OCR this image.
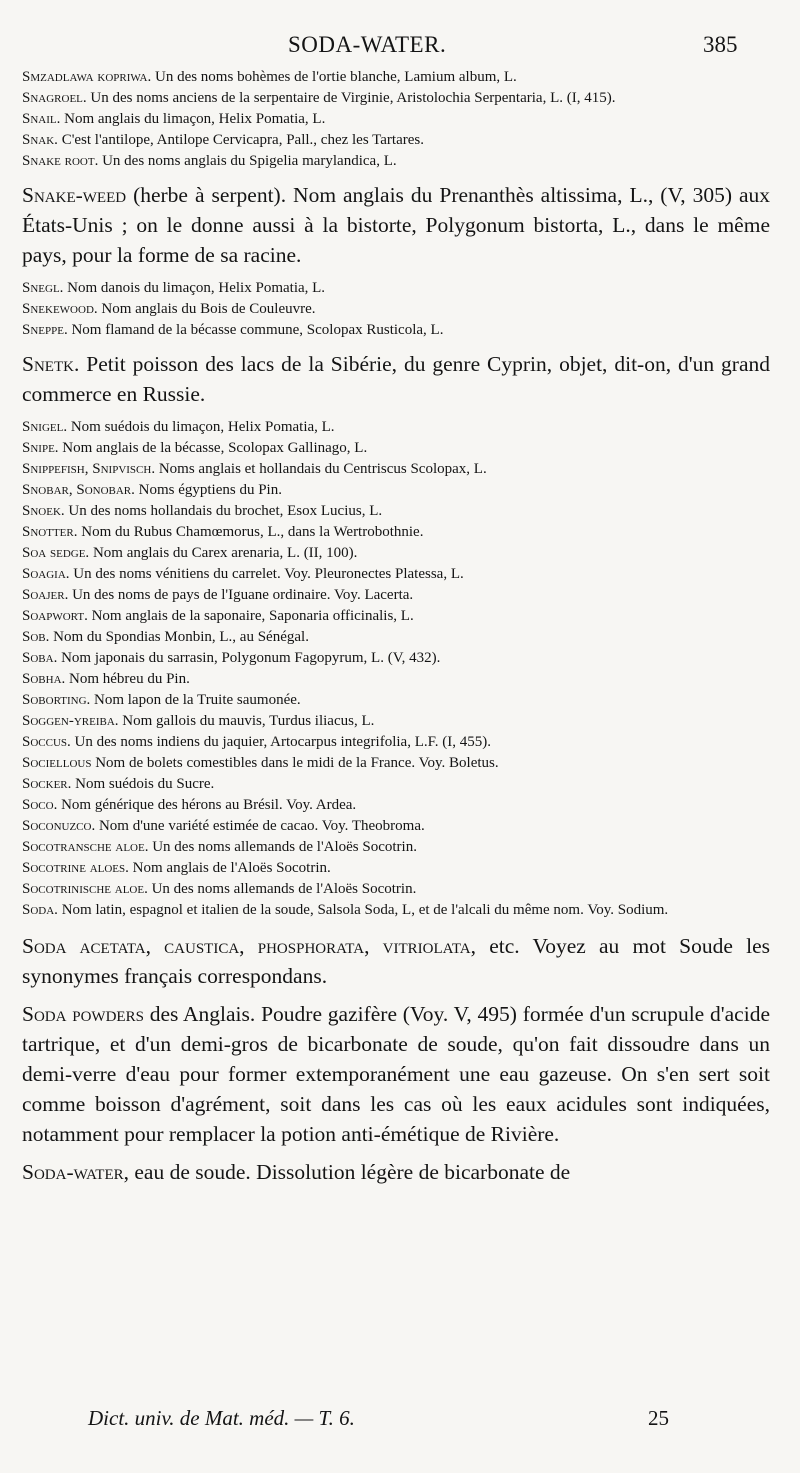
SODA-WATER.	385

Smzadlawa kopriwa. Un des noms bohèmes de l'ortie blanche, Lamium album, L.

Snagroel. Un des noms anciens de la serpentaire de Virginie, Aristolochia Serpentaria, L. (I, 415).

Snail. Nom anglais du limaçon, Helix Pomatia, L.

Snak. C'est l'antilope, Antilope Cervicapra, Pall., chez les Tartares.

Snake root. Un des noms anglais du Spigelia marylandica, L.

Snake-weed (herbe à serpent). Nom anglais du Prenanthès altissima, L., (V, 305) aux États-Unis ; on le donne aussi à la bistorte, Polygonum bistorta, L., dans le même pays, pour la forme de sa racine.

Snegl. Nom danois du limaçon, Helix Pomatia, L.

Snekewood. Nom anglais du Bois de Couleuvre.

Sneppe. Nom flamand de la bécasse commune, Scolopax Rusticola, L.

Snetk. Petit poisson des lacs de la Sibérie, du genre Cyprin, objet, dit-on, d'un grand commerce en Russie.

Snigel. Nom suédois du limaçon, Helix Pomatia, L.

Snipe. Nom anglais de la bécasse, Scolopax Gallinago, L.

Snippefish, Snipvisch. Noms anglais et hollandais du Centriscus Scolopax, L.

Snobar, Sonobar. Noms égyptiens du Pin.

Snoek. Un des noms hollandais du brochet, Esox Lucius, L.

Snotter. Nom du Rubus Chamœmorus, L., dans la Wertrobothnie.

Soa sedge. Nom anglais du Carex arenaria, L. (II, 100).

Soagia. Un des noms vénitiens du carrelet. Voy. Pleuronectes Platessa, L.

Soajer. Un des noms de pays de l'Iguane ordinaire. Voy. Lacerta.

Soapwort. Nom anglais de la saponaire, Saponaria officinalis, L.

Sob. Nom du Spondias Monbin, L., au Sénégal.

Soba. Nom japonais du sarrasin, Polygonum Fagopyrum, L. (V, 432).

Sobha. Nom hébreu du Pin.

Soborting. Nom lapon de la Truite saumonée.

Soggen-yreiba. Nom gallois du mauvis, Turdus iliacus, L.

Soccus. Un des noms indiens du jaquier, Artocarpus integrifolia, L.F. (I, 455).

Sociellous Nom de bolets comestibles dans le midi de la France. Voy. Boletus.

Socker. Nom suédois du Sucre.

Soco. Nom générique des hérons au Brésil. Voy. Ardea.

Soconuzco. Nom d'une variété estimée de cacao. Voy. Theobroma.

Socotransche aloe. Un des noms allemands de l'Aloës Socotrin.

Socotrine aloes. Nom anglais de l'Aloës Socotrin.

Socotrinische aloe. Un des noms allemands de l'Aloës Socotrin.

Soda. Nom latin, espagnol et italien de la soude, Salsola Soda, L, et de l'alcali du même nom. Voy. Sodium.

Soda acetata, caustica, phosphorata, vitriolata, etc. Voyez au mot Soude les synonymes français correspondans.

Soda powders des Anglais. Poudre gazifère (Voy. V, 495) formée d'un scrupule d'acide tartrique, et d'un demi-gros de bicarbonate de soude, qu'on fait dissoudre dans un demi-verre d'eau pour former extemporanément une eau gazeuse. On s'en sert soit comme boisson d'agrément, soit dans les cas où les eaux acidules sont indiquées, notamment pour remplacer la potion anti-émétique de Rivière.

Soda-water, eau de soude. Dissolution légère de bicarbonate de

Dict. univ. de Mat. méd. — T. 6.	25
